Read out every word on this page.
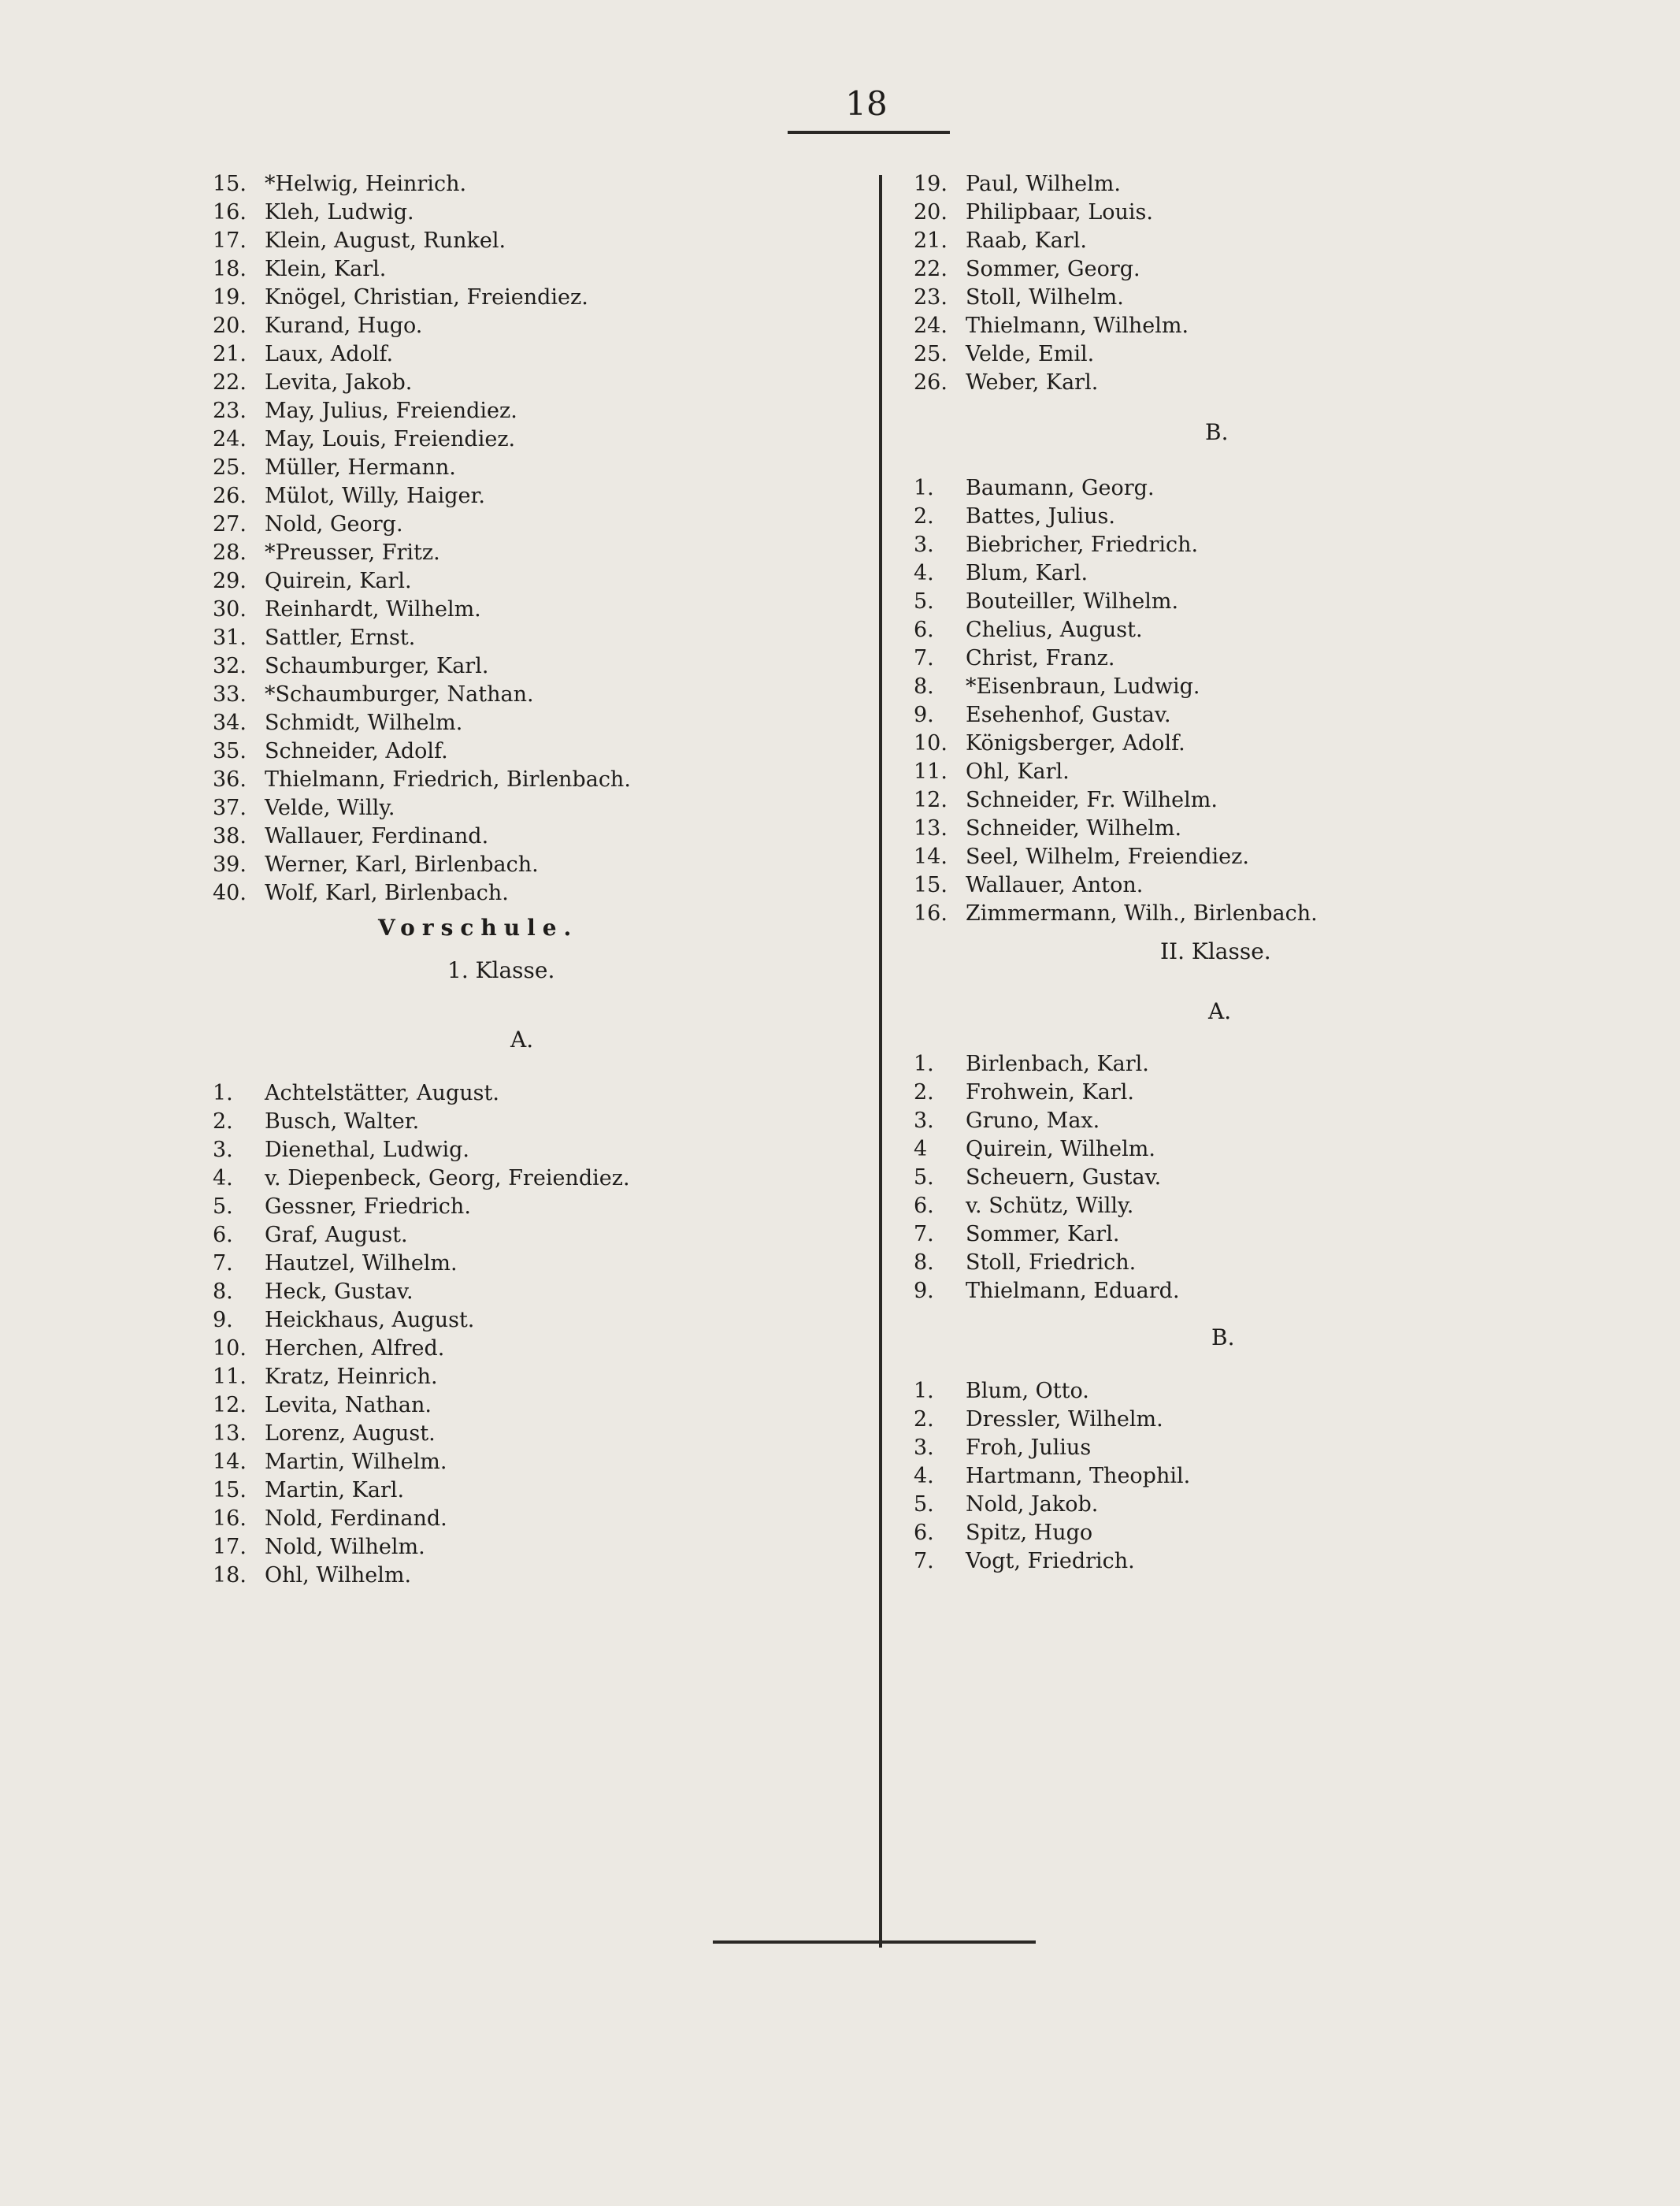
18
15. *Helwig, Heinrich.
16. Kleh, Ludwig.
17. Klein, August, Runkel.
18. Klein, Karl.
19. Knögel, Christian, Freiendiez.
20. Kurand, Hugo.
21. Laux, Adolf.
22. Levita, Jakob.
23. May, Julius, Freiendiez.
24. May, Louis, Freiendiez.
25. Müller, Hermann.
26. Mülot, Willy, Haiger.
27. Nold, Georg.
28. *Preusser, Fritz.
29. Quirein, Karl.
30. Reinhardt, Wilhelm.
31. Sattler, Ernst.
32. Schaumburger, Karl.
33. *Schaumburger, Nathan.
34. Schmidt, Wilhelm.
35. Schneider, Adolf.
36. Thielmann, Friedrich, Birlenbach.
37. Velde, Willy.
38. Wallauer, Ferdinand.
39. Werner, Karl, Birlenbach.
40. Wolf, Karl, Birlenbach.
Vorschule.
1. Klasse.
A.
1. Achtelstätter, August.
2. Busch, Walter.
3. Dienethal, Ludwig.
4. v. Diepenbeck, Georg, Freiendiez.
5. Gessner, Friedrich.
6. Graf, August.
7. Hautzel, Wilhelm.
8. Heck, Gustav.
9. Heickhaus, August.
10. Herchen, Alfred.
11. Kratz, Heinrich.
12. Levita, Nathan.
13. Lorenz, August.
14. Martin, Wilhelm.
15. Martin, Karl.
16. Nold, Ferdinand.
17. Nold, Wilhelm.
18. Ohl, Wilhelm.
19. Paul, Wilhelm.
20. Philipbaar, Louis.
21. Raab, Karl.
22. Sommer, Georg.
23. Stoll, Wilhelm.
24. Thielmann, Wilhelm.
25. Velde, Emil.
26. Weber, Karl.
B.
1. Baumann, Georg.
2. Battes, Julius.
3. Biebricher, Friedrich.
4. Blum, Karl.
5. Bouteiller, Wilhelm.
6. Chelius, August.
7. Christ, Franz.
8. *Eisenbraun, Ludwig.
9. Esehenhof, Gustav.
10. Königsberger, Adolf.
11. Ohl, Karl.
12. Schneider, Fr. Wilhelm.
13. Schneider, Wilhelm.
14. Seel, Wilhelm, Freiendiez.
15. Wallauer, Anton.
16. Zimmermann, Wilh., Birlenbach.
II. Klasse.
A.
1. Birlenbach, Karl.
2. Frohwein, Karl.
3. Gruno, Max.
4 Quirein, Wilhelm.
5. Scheuern, Gustav.
6. v. Schütz, Willy.
7. Sommer, Karl.
8. Stoll, Friedrich.
9. Thielmann, Eduard.
B.
1. Blum, Otto.
2. Dressler, Wilhelm.
3. Froh, Julius
4. Hartmann, Theophil.
5. Nold, Jakob.
6. Spitz, Hugo
7. Vogt, Friedrich.
